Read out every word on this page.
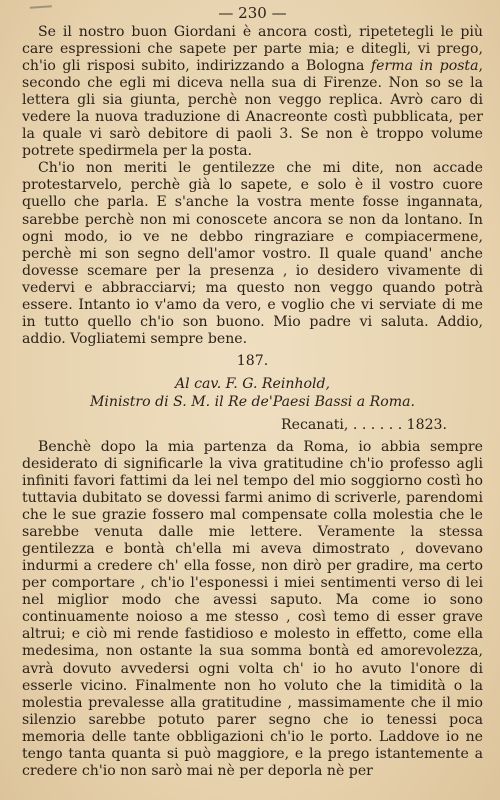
— 230 —

Se il nostro buon Giordani è ancora costì, ripetetegli le più care espressioni che sapete per parte mia; e ditegli, vi prego, ch'io gli risposi subito, indirizzando a Bologna ferma in posta, secondo che egli mi diceva nella sua di Firenze. Non so se la lettera gli sia giunta, perchè non veggo replica. Avrò caro di vedere la nuova traduzione di Anacreonte costì pubblicata, per la quale vi sarò debitore di paoli 3. Se non è troppo volume potrete spedirmela per la posta.

Ch'io non meriti le gentilezze che mi dite, non accade protestarvelo, perchè già lo sapete, e solo è il vostro cuore quello che parla. E s'anche la vostra mente fosse ingannata, sarebbe perchè non mi conoscete ancora se non da lontano. In ogni modo, io ve ne debbo ringraziare e compiacermene, perchè mi son segno dell'amor vostro. Il quale quand' anche dovesse scemare per la presenza , io desidero vivamente di vedervi e abbracciarvi; ma questo non veggo quando potrà essere. Intanto io v'amo da vero, e voglio che vi serviate di me in tutto quello ch'io son buono. Mio padre vi saluta. Addio, addio. Vogliatemi sempre bene.

187.

Al cav. F. G. Reinhold,

Ministro di S. M. il Re de'Paesi Bassi a Roma.

Recanati, . . . . . . 1823.

Benchè dopo la mia partenza da Roma, io abbia sempre desiderato di significarle la viva gratitudine ch'io professo agli infiniti favori fattimi da lei nel tempo del mio soggiorno costì ho tuttavia dubitato se dovessi farmi animo di scriverle, parendomi che le sue grazie fossero mal compensate colla molestia che le sarebbe venuta dalle mie lettere. Veramente la stessa gentilezza e bontà ch'ella mi aveva dimostrato , dovevano indurmi a credere ch' ella fosse, non dirò per gradire, ma certo per comportare , ch'io l'esponessi i miei sentimenti verso di lei nel miglior modo che avessi saputo. Ma come io sono continuamente noioso a me stesso , così temo di esser grave altrui; e ciò mi rende fastidioso e molesto in effetto, come ella medesima, non ostante la sua somma bontà ed amorevolezza, avrà dovuto avvedersi ogni volta ch' io ho avuto l'onore di esserle vicino. Finalmente non ho voluto che la timidità o la molestia prevalesse alla gratitudine , massimamente che il mio silenzio sarebbe potuto parer segno che io tenessi poca memoria delle tante obbligazioni ch'io le porto. Laddove io ne tengo tanta quanta si può maggiore, e la prego istantemente a credere ch'io non sarò mai nè per deporla nè per
